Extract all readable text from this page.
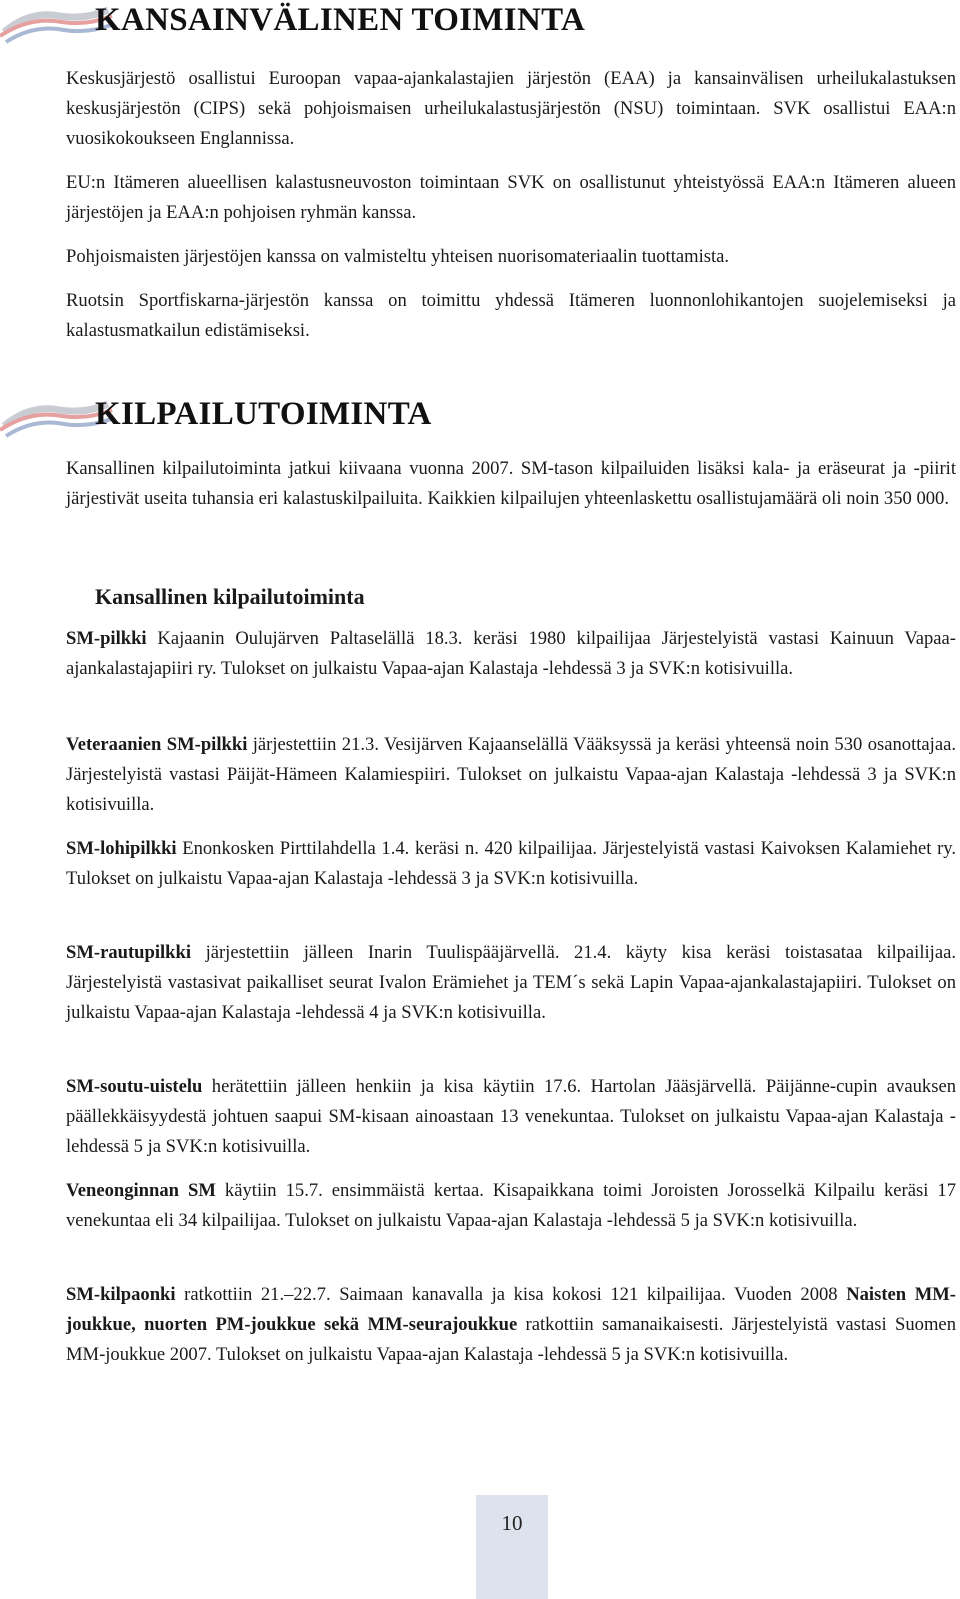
KANSAINVÄLINEN TOIMINTA

Keskusjärjestö osallistui Euroopan vapaa-ajankalastajien järjestön (EAA) ja kansainvälisen urheilukalastuksen keskusjärjestön (CIPS) sekä pohjoismaisen urheilukalastusjärjestön (NSU) toimintaan. SVK osallistui EAA:n vuosikokoukseen Englannissa.

EU:n Itämeren alueellisen kalastusneuvoston toimintaan SVK on osallistunut yhteistyössä EAA:n Itämeren alueen järjestöjen ja EAA:n pohjoisen ryhmän kanssa.

Pohjoismaisten järjestöjen kanssa on valmisteltu yhteisen nuorisomateriaalin tuottamista.

Ruotsin Sportfiskarna-järjestön kanssa on toimittu yhdessä Itämeren luonnonlohikantojen suojelemiseksi ja kalastusmatkailun edistämiseksi.

KILPAILUTOIMINTA

Kansallinen kilpailutoiminta jatkui kiivaana vuonna 2007. SM-tason kilpailuiden lisäksi kala- ja eräseurat ja -piirit järjestivät useita tuhansia eri kalastuskilpailuita. Kaikkien kilpailujen yhteenlaskettu osallistujamäärä oli noin 350 000.

Kansallinen kilpailutoiminta

SM-pilkki Kajaanin Oulujärven Paltaselällä 18.3. keräsi 1980 kilpailijaa Järjestelyistä vastasi Kainuun Vapaa-ajankalastajapiiri ry. Tulokset on julkaistu Vapaa-ajan Kalastaja -lehdessä 3 ja SVK:n kotisivuilla.

Veteraanien SM-pilkki järjestettiin 21.3. Vesijärven Kajaanselällä Vääksyssä ja keräsi yhteensä noin 530 osanottajaa. Järjestelyistä vastasi Päijät-Hämeen Kalamiespiiri. Tulokset on julkaistu Vapaa-ajan Kalastaja -lehdessä 3 ja SVK:n kotisivuilla.

SM-lohipilkki Enonkosken Pirttilahdella 1.4. keräsi n. 420 kilpailijaa. Järjestelyistä vastasi Kaivoksen Kalamiehet ry. Tulokset on julkaistu Vapaa-ajan Kalastaja -lehdessä 3 ja SVK:n kotisivuilla.

SM-rautupilkki järjestettiin jälleen Inarin Tuulispääjärvellä. 21.4. käyty kisa keräsi toistasataa kilpailijaa. Järjestelyistä vastasivat paikalliset seurat Ivalon Erämiehet ja TEM´s sekä Lapin Vapaa-ajankalastajapiiri. Tulokset on julkaistu Vapaa-ajan Kalastaja -lehdessä 4 ja SVK:n kotisivuilla.

SM-soutu-uistelu herätettiin jälleen henkiin ja kisa käytiin 17.6. Hartolan Jääsjärvellä. Päijänne-cupin avauksen päällekkäisyydestä johtuen saapui SM-kisaan ainoastaan 13 venekuntaa. Tulokset on julkaistu Vapaa-ajan Kalastaja -lehdessä 5 ja SVK:n kotisivuilla.

Veneonginnan SM käytiin 15.7. ensimmäistä kertaa. Kisapaikkana toimi Joroisten Jorosselkä Kilpailu keräsi 17 venekuntaa eli 34 kilpailijaa. Tulokset on julkaistu Vapaa-ajan Kalastaja -lehdessä 5 ja SVK:n kotisivuilla.

SM-kilpaonki ratkottiin 21.–22.7. Saimaan kanavalla ja kisa kokosi 121 kilpailijaa. Vuoden 2008 Naisten MM-joukkue, nuorten PM-joukkue sekä MM-seurajoukkue ratkottiin samanaikaisesti. Järjestelyistä vastasi Suomen MM-joukkue 2007. Tulokset on julkaistu Vapaa-ajan Kalastaja -lehdessä 5 ja SVK:n kotisivuilla.

10
